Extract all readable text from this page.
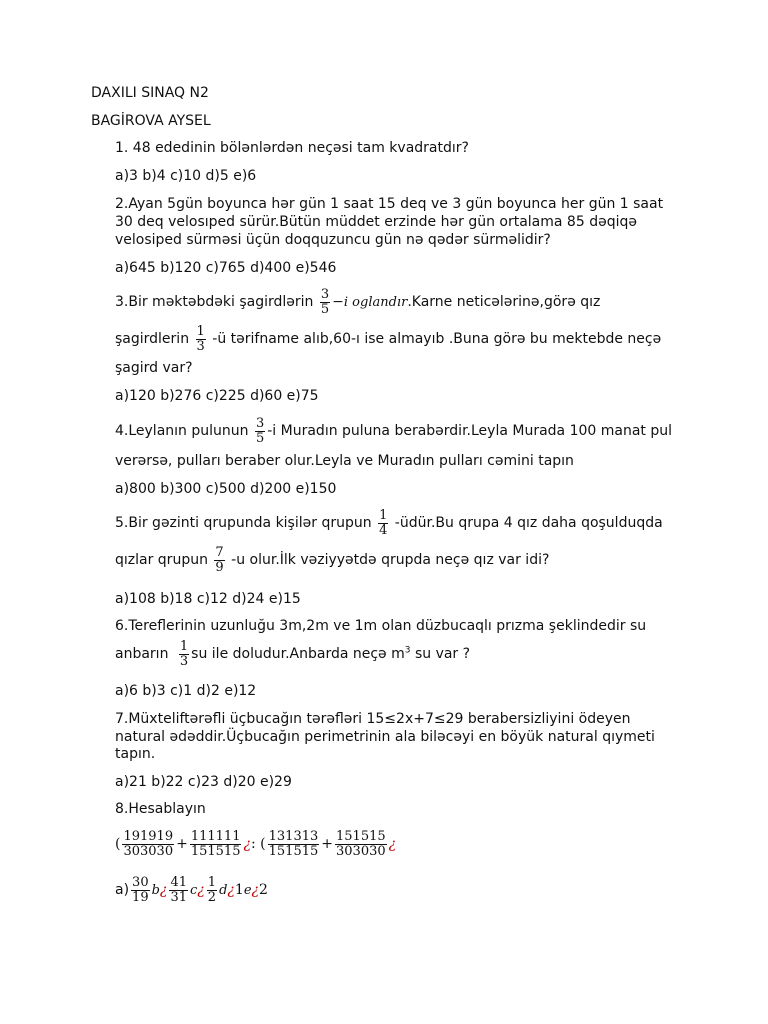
DAXILI SINAQ N2
BAGİROVA AYSEL
1. 48 ededinin bölənlərdən neçəsi tam kvadratdır?
a)3 b)4 c)10 d)5 e)6
2.Ayan 5gün boyunca hər gün 1 saat 15 deq ve 3 gün boyunca her gün 1 saat
30 deq velosıped sürür.Bütün müddet erzinde hər gün ortalama 85 dəqiqə
velosiped sürməsi üçün doqquzuncu gün nə qədər sürməlidir?
a)645 b)120 c)765 d)400 e)546
3.Bir məktəbdəki şagirdlərin $\frac{3}{5} -i$ oglandır.Karne neticələrinə,görə qız
şagirdlerin $\frac{1}{3}$ -ü tərifname alıb,60-ı ise almayıb .Buna görə bu mektebde neçə
şagird var?
a)120 b)276 c)225 d)60 e)75
4.Leylanın pulunun $\frac{3}{5} -i$ Muradın puluna berabərdir.Leyla Murada 100 manat pul
verərsə, pulları beraber olur.Leyla ve Muradın pulları cəmini tapın
a)800 b)300 c)500 d)200 e)150
5.Bir gəzinti qrupunda kişilər qrupun $\frac{1}{4}$ -üdür.Bu qrupa 4 qız daha qoşulduqda
qızlar qrupun $\frac{7}{9} -u$ olur.İlk vəziyyətdə qrupda neçə qız var idi?
a)108 b)18 c)12 d)24 e)15
6.Tereflerinin uzunluğu 3m,2m ve 1m olan düzbucaqlı prızma şeklindedir su
anbarın $\frac{1}{3}$ su ile doludur.Anbarda neçə $m^3$ su var ?
a)6 b)3 c)1 d)2 e)12
7.Müxteliftərəfli üçbucağın tərəfləri 15≤2x+7≤29 berabersizliyini ödeyen
natural ədəddir.Üçbucağın perimetrinin ala biləcəyi en böyük natural qıymeti
tapın.
a)21 b)22 c)23 d)20 e)29
8.Hesablayın
( $\frac{191919}{303030} + \frac{111111}{151515}$ ¿: ( $\frac{131313}{151515} + \frac{151515}{303030}$ ¿
$a) \frac{30}{19}$ b¿ $\frac{41}{31}$ c¿ $\frac{1}{2}$ d¿1e¿2
